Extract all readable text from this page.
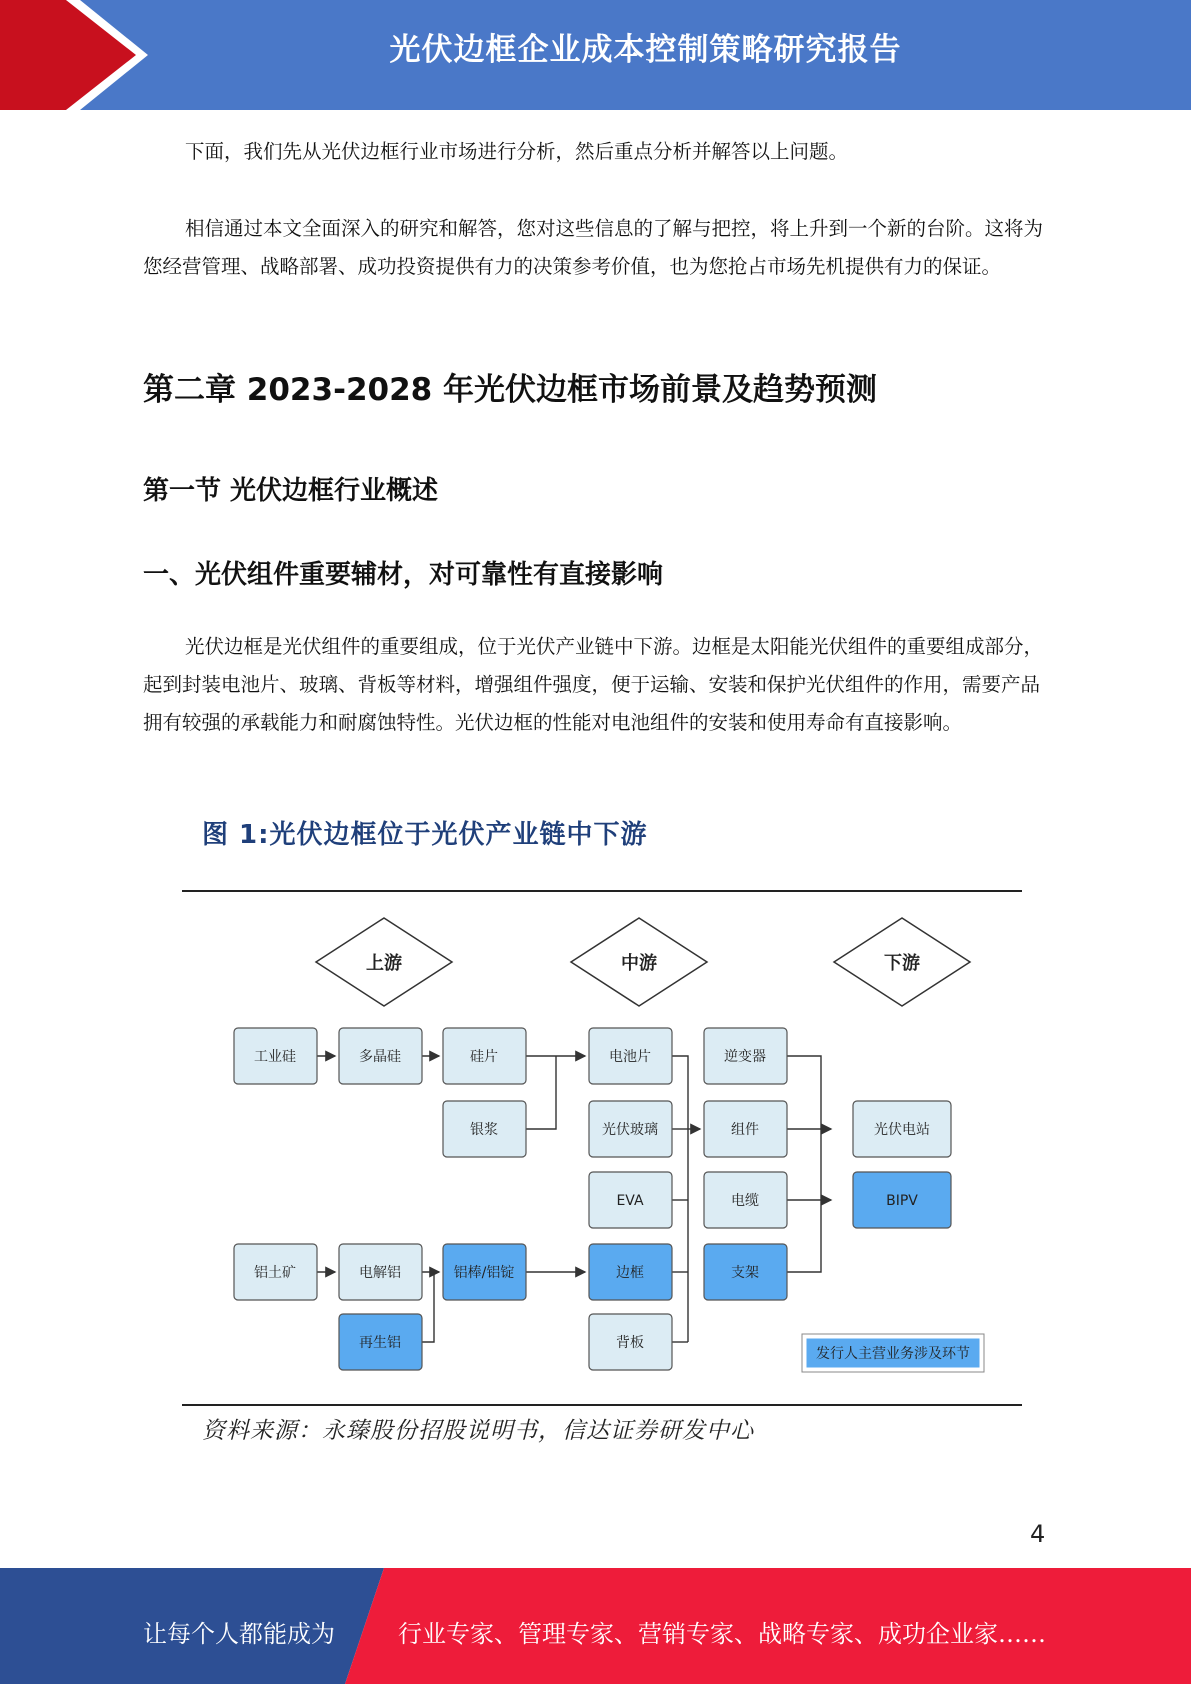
光伏边框企业成本控制策略研究报告

下面，我们先从光伏边框行业市场进行分析，然后重点分析并解答以上问题。

相信通过本文全面深入的研究和解答，您对这些信息的了解与把控，将上升到一个新的台阶。这将为您经营管理、战略部署、成功投资提供有力的决策参考价值，也为您抢占市场先机提供有力的保证。

第二章 2023-2028 年光伏边框市场前景及趋势预测
第一节 光伏边框行业概述
一、光伏组件重要辅材，对可靠性有直接影响

光伏边框是光伏组件的重要组成，位于光伏产业链中下游。边框是太阳能光伏组件的重要组成部分，起到封装电池片、玻璃、背板等材料，增强组件强度，便于运输、安装和保护光伏组件的作用，需要产品拥有较强的承载能力和耐腐蚀特性。光伏边框的性能对电池组件的安装和使用寿命有直接影响。

图 1:光伏边框位于光伏产业链中下游
上游	中游	下游
工业硅	多晶硅	硅片
银浆
电池片
光伏玻璃
EVA
边框
背板
逆变器
组件
电缆
支架
光伏电站
BIPV
铝土矿	电解铝
再生铝
铝棒/铝锭
发行人主营业务涉及环节
资料来源：永臻股份招股说明书，信达证券研发中心
4
让每个人都能成为	行业专家、管理专家、营销专家、战略专家、成功企业家……
